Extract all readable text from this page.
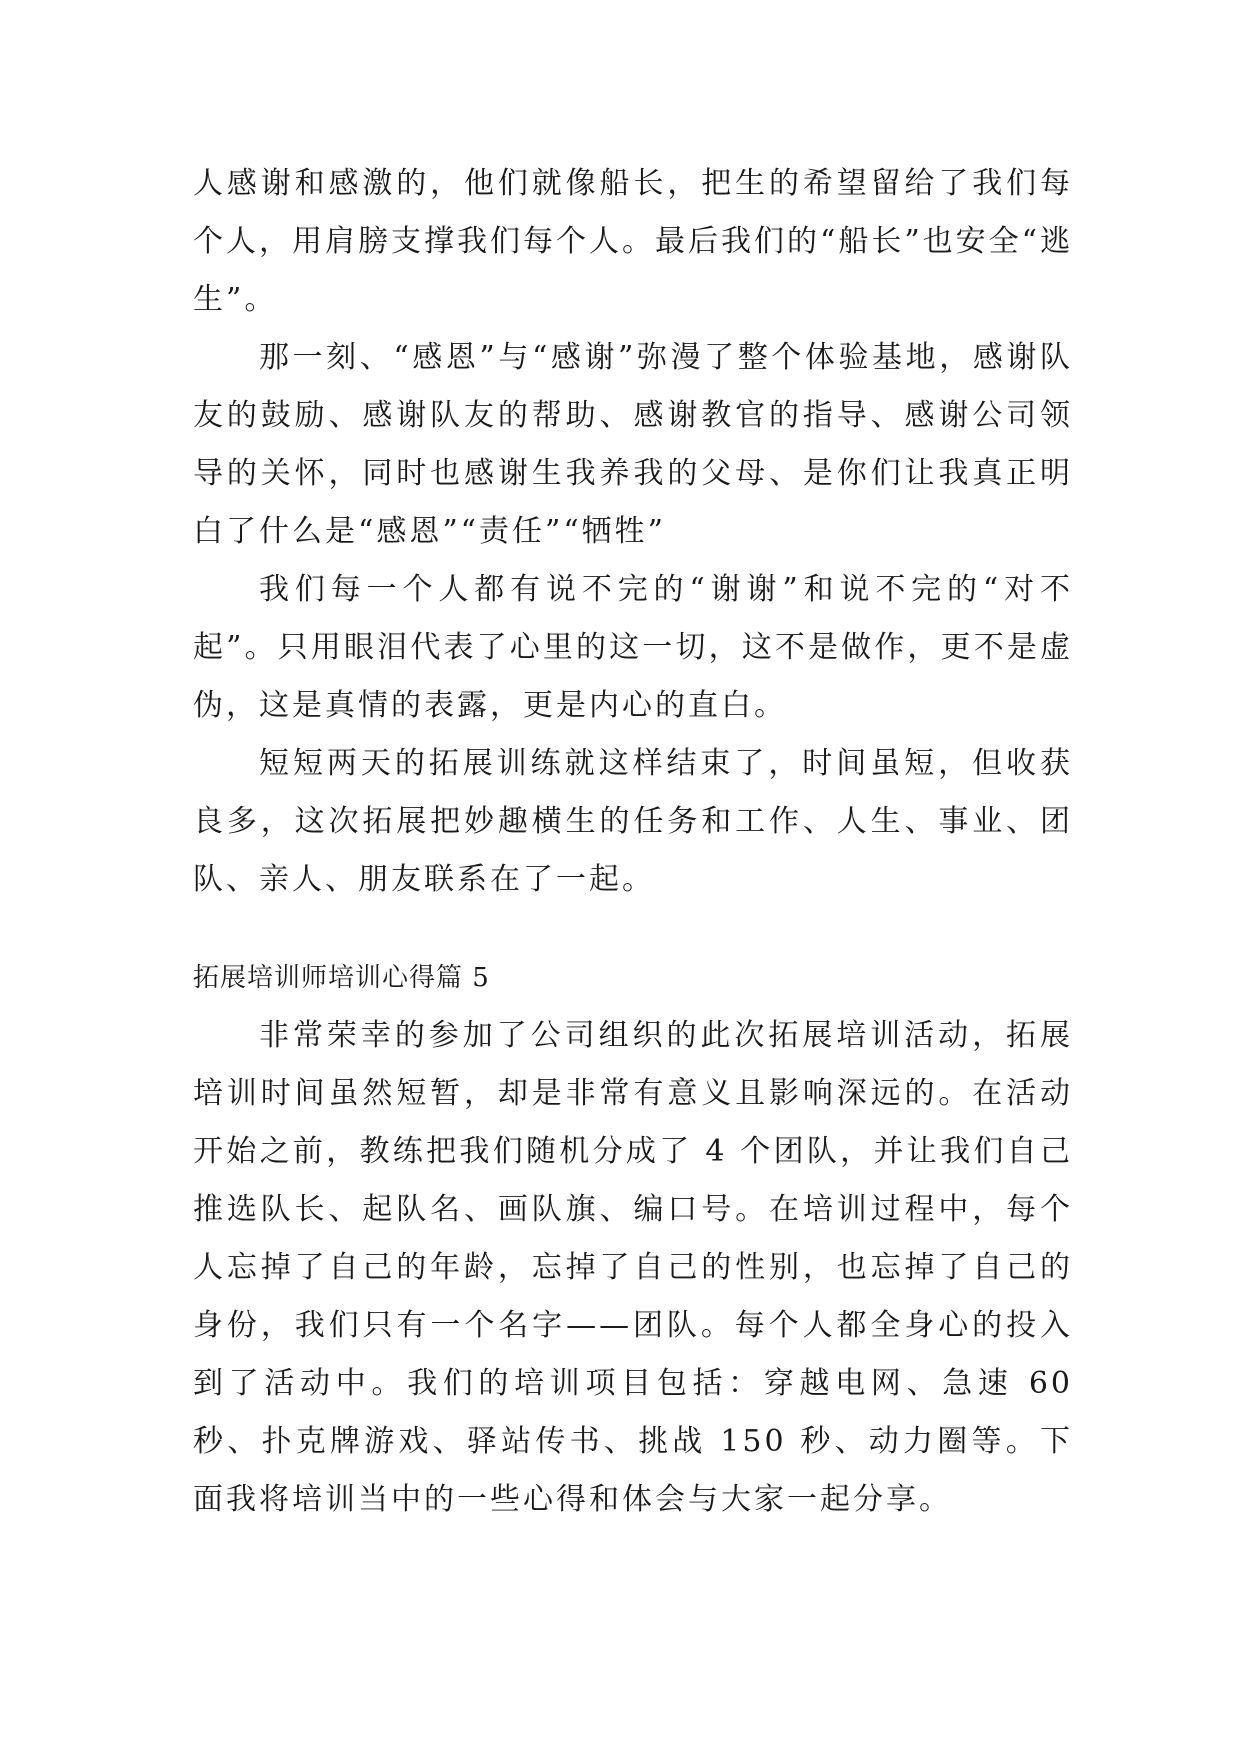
人感谢和感激的，他们就像船长，把生的希望留给了我们每个人，用肩膀支撑我们每个人。最后我们的“船长”也安全“逃生”。

那一刻、“感恩”与“感谢”弥漫了整个体验基地，感谢队友的鼓励、感谢队友的帮助、感谢教官的指导、感谢公司领导的关怀，同时也感谢生我养我的父母、是你们让我真正明白了什么是“感恩”“责任”“牺牲”

我们每一个人都有说不完的“谢谢”和说不完的“对不起”。只用眼泪代表了心里的这一切，这不是做作，更不是虚伪，这是真情的表露，更是内心的直白。

短短两天的拓展训练就这样结束了，时间虽短，但收获良多，这次拓展把妙趣横生的任务和工作、人生、事业、团队、亲人、朋友联系在了一起。

拓展培训师培训心得篇 5

非常荣幸的参加了公司组织的此次拓展培训活动，拓展培训时间虽然短暂，却是非常有意义且影响深远的。在活动开始之前，教练把我们随机分成了 4 个团队，并让我们自己推选队长、起队名、画队旗、编口号。在培训过程中，每个人忘掉了自己的年龄，忘掉了自己的性别，也忘掉了自己的身份，我们只有一个名字——团队。每个人都全身心的投入到了活动中。我们的培训项目包括：穿越电网、急速 60 秒、扑克牌游戏、驿站传书、挑战 150 秒、动力圈等。下面我将培训当中的一些心得和体会与大家一起分享。
